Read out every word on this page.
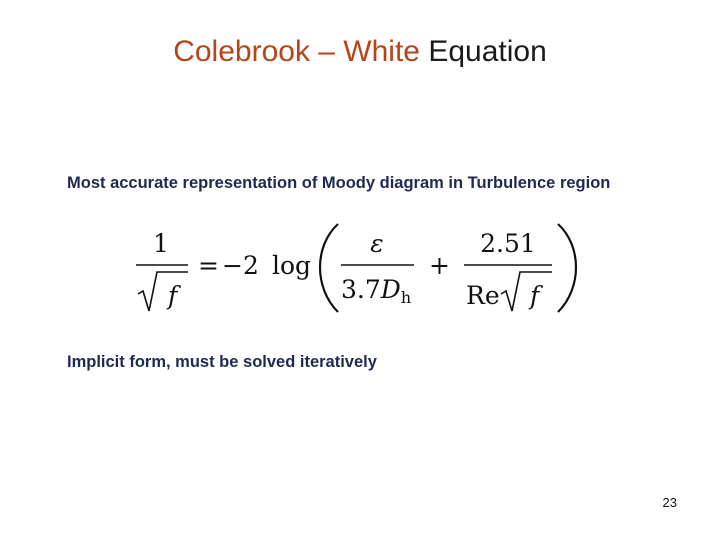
Colebrook – White Equation
Most accurate representation of Moody diagram in Turbulence region
1
f
= −2 log
ε
$3.7D_h$
+
2.51
Re f
Implicit form, must be solved iteratively
23
